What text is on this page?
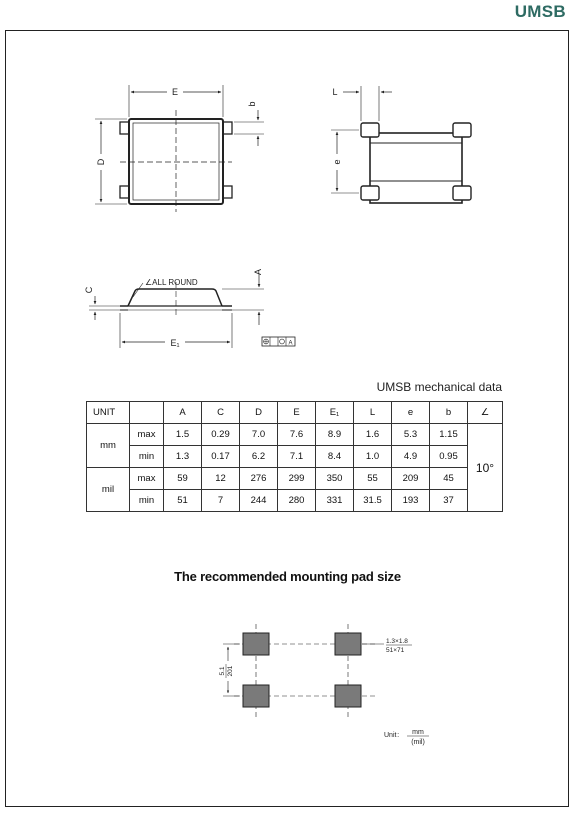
UMSB
E
b
D
L
e
C
∠ALL ROUND
A
E₁	A
UMSB mechanical data
UNIT		A	C	D	E	E₁	L	e	b	∠
mm	max	1.5	0.29	7.0	7.6	8.9	1.6	5.3	1.15	10°
	min	1.3	0.17	6.2	7.1	8.4	1.0	4.9	0.95	
mil	max	59	12	276	299	350	55	209	45	
	min	51	7	244	280	331	31.5	193	37	
The recommended mounting pad size
1.3×1.8
51×71
5.1 201
Unit： mm
(mil)
